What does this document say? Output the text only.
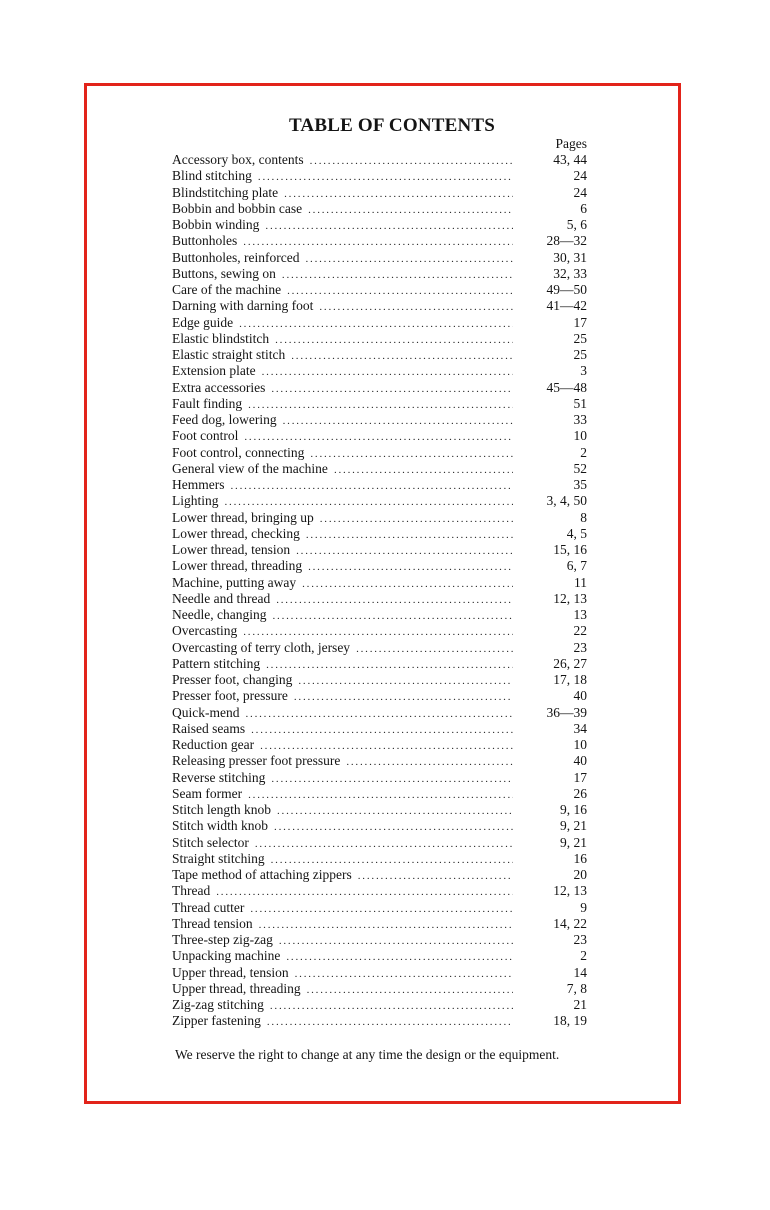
TABLE OF CONTENTS
Pages
Accessory box, contents .....	43, 44
Blind stitching .....	24
Blindstitching plate .....	24
Bobbin and bobbin case .....	6
Bobbin winding .....	5, 6
Buttonholes .....	28—32
Buttonholes, reinforced .....	30, 31
Buttons, sewing on .....	32, 33
Care of the machine .....	49—50
Darning with darning foot .....	41—42
Edge guide .....	17
Elastic blindstitch .....	25
Elastic straight stitch .....	25
Extension plate .....	3
Extra accessories .....	45—48
Fault finding .....	51
Feed dog, lowering .....	33
Foot control .....	10
Foot control, connecting .....	2
General view of the machine .....	52
Hemmers .....	35
Lighting .....	3, 4, 50
Lower thread, bringing up .....	8
Lower thread, checking .....	4, 5
Lower thread, tension .....	15, 16
Lower thread, threading .....	6, 7
Machine, putting away .....	11
Needle and thread .....	12, 13
Needle, changing .....	13
Overcasting .....	22
Overcasting of terry cloth, jersey .....	23
Pattern stitching .....	26, 27
Presser foot, changing .....	17, 18
Presser foot, pressure .....	40
Quick-mend .....	36—39
Raised seams .....	34
Reduction gear .....	10
Releasing presser foot pressure .....	40
Reverse stitching .....	17
Seam former .....	26
Stitch length knob .....	9, 16
Stitch width knob .....	9, 21
Stitch selector .....	9, 21
Straight stitching .....	16
Tape method of attaching zippers .....	20
Thread .....	12, 13
Thread cutter .....	9
Thread tension .....	14, 22
Three-step zig-zag .....	23
Unpacking machine .....	2
Upper thread, tension .....	14
Upper thread, threading .....	7, 8
Zig-zag stitching .....	21
Zipper fastening .....	18, 19
We reserve the right to change at any time the design or the equipment.
